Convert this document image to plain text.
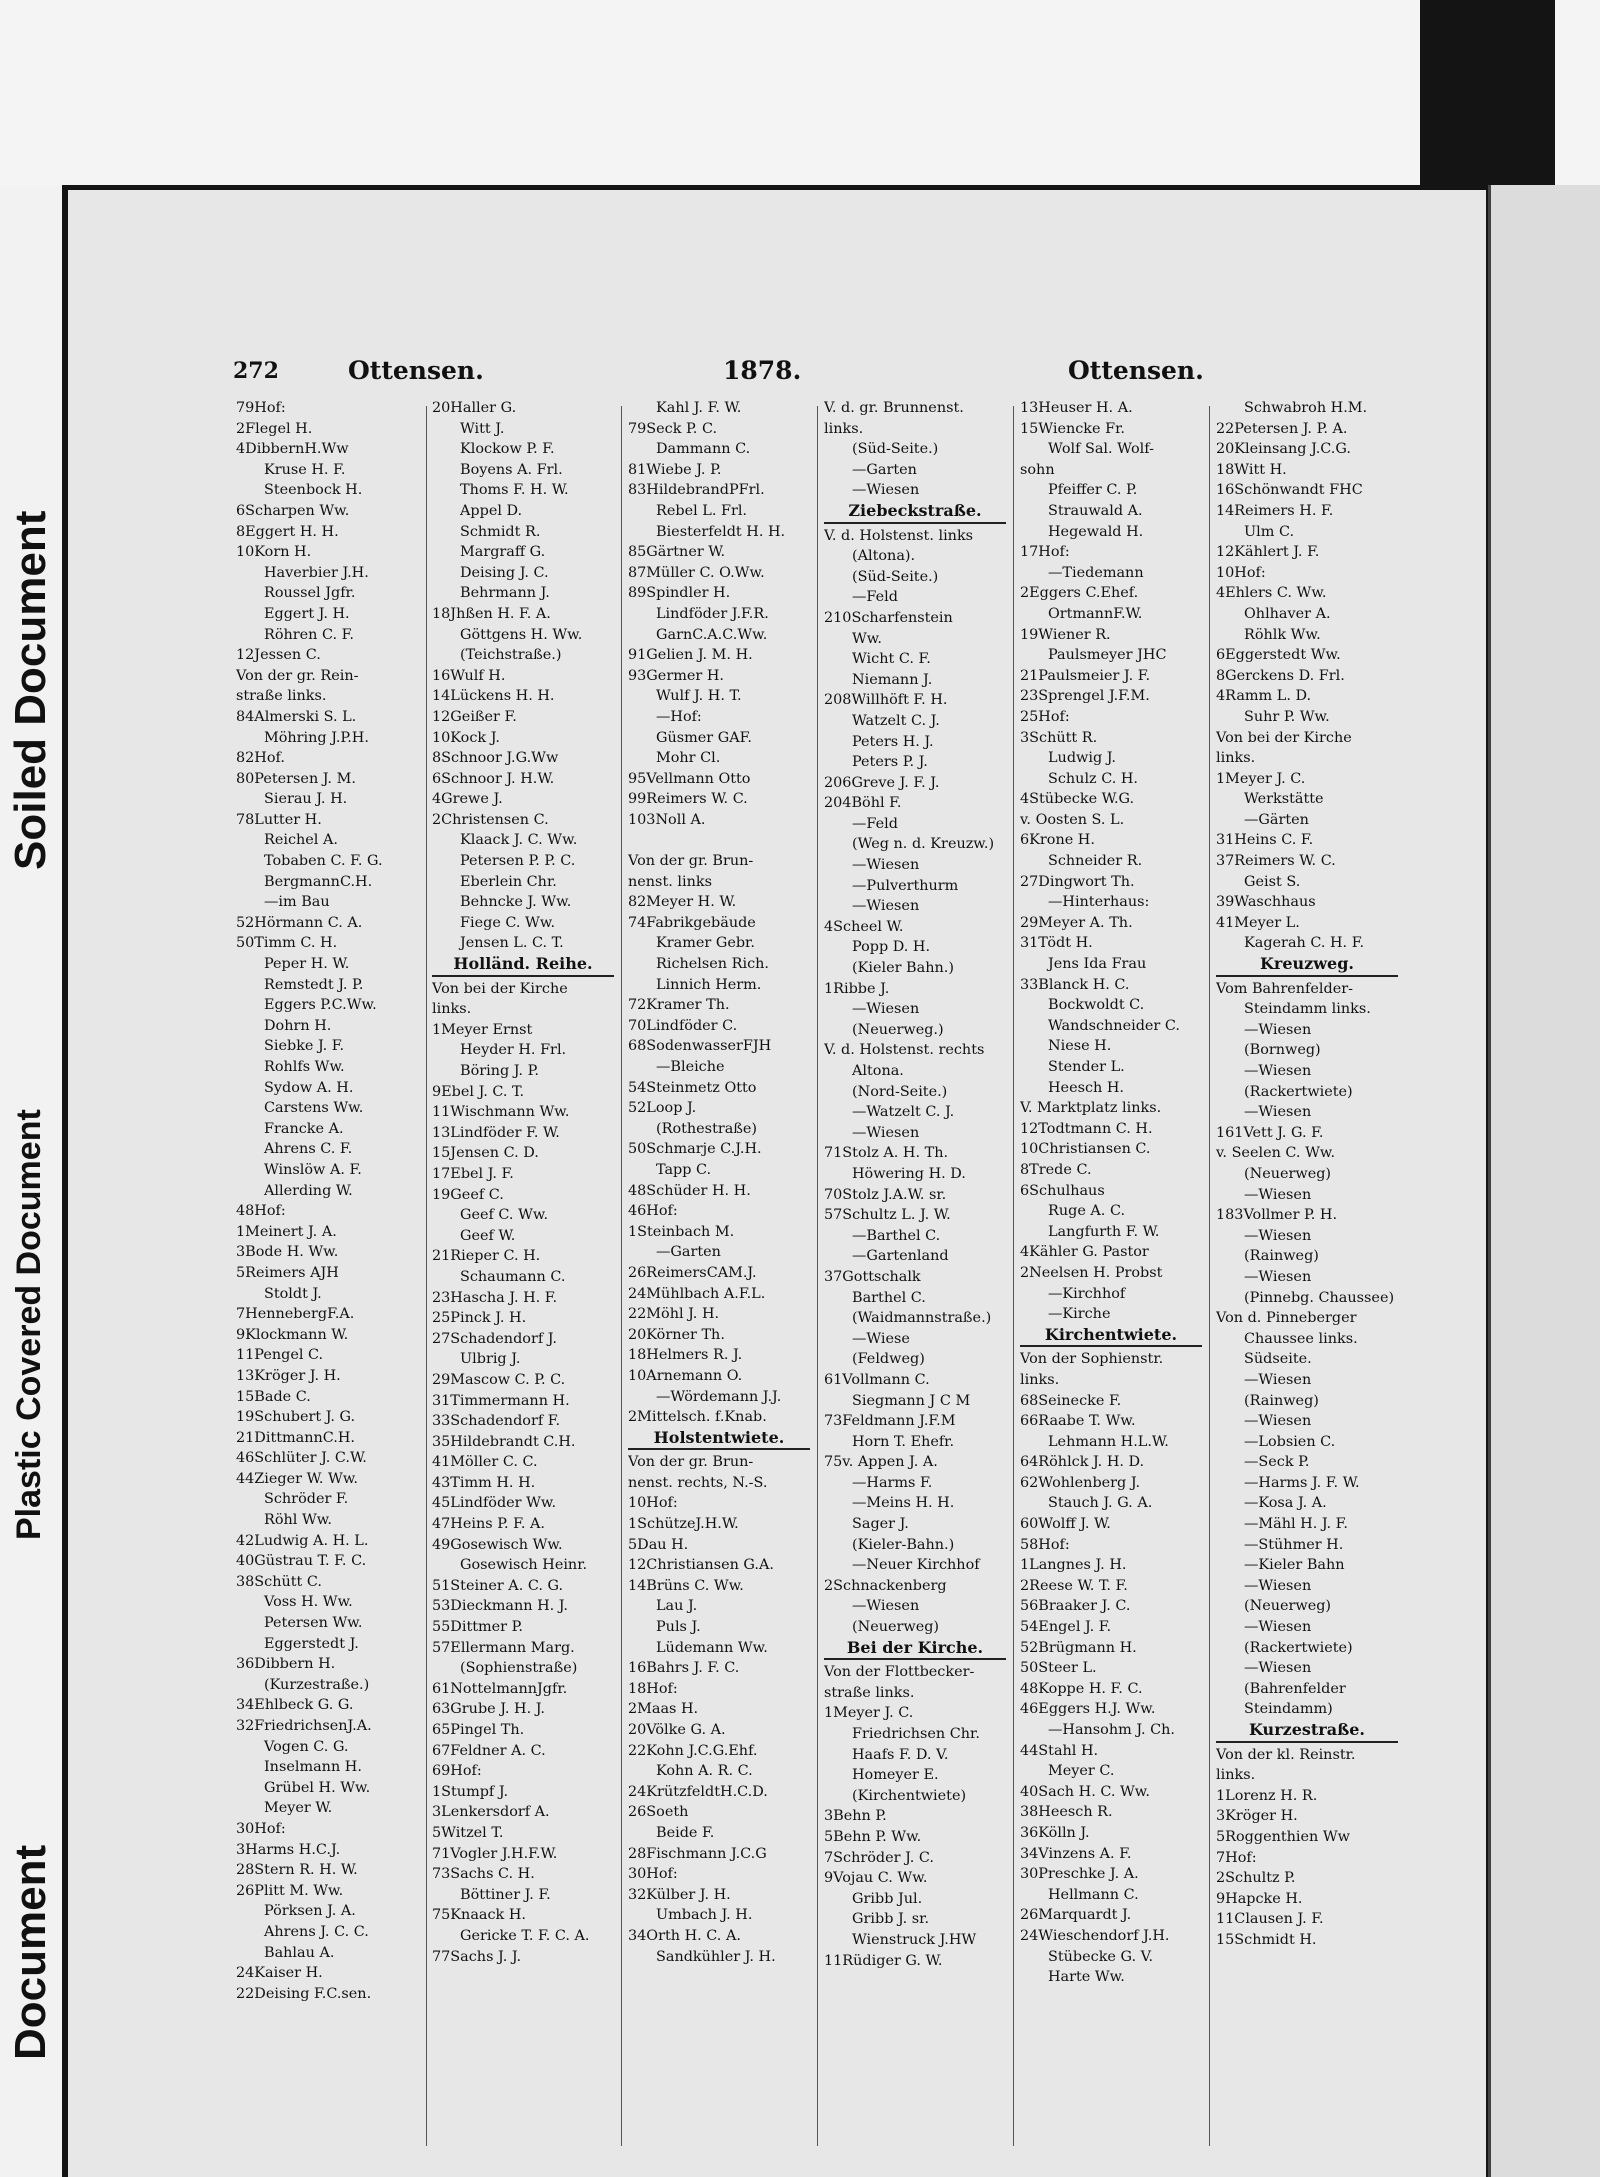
Soiled Document
Plastic Covered Document
Document
272	Ottensen.	1878.	Ottensen.
79Hof:
2Flegel H.
4DibbernH.Ww
Kruse H. F.
Steenbock H.
6Scharpen Ww.
8Eggert H. H.
10Korn H.
Haverbier J.H.
Roussel Jgfr.
Eggert J. H.
Röhren C. F.
12Jessen C.
Von der gr. Rein-
straße links.
84Almerski S. L.
Möhring J.P.H.
82Hof.
80Petersen J. M.
Sierau J. H.
78Lutter H.
Reichel A.
Tobaben C. F. G.
BergmannC.H.
—im Bau
52Hörmann C. A.
50Timm C. H.
Peper H. W.
Remstedt J. P.
Eggers P.C.Ww.
Dohrn H.
Siebke J. F.
Rohlfs Ww.
Sydow A. H.
Carstens Ww.
Francke A.
Ahrens C. F.
Winslöw A. F.
Allerding W.
48Hof:
1Meinert J. A.
3Bode H. Ww.
5Reimers AJH
Stoldt J.
7HennebergF.A.
9Klockmann W.
11Pengel C.
13Kröger J. H.
15Bade C.
19Schubert J. G.
21DittmannC.H.
46Schlüter J. C.W.
44Zieger W. Ww.
Schröder F.
Röhl Ww.
42Ludwig A. H. L.
40Güstrau T. F. C.
38Schütt C.
Voss H. Ww.
Petersen Ww.
Eggerstedt J.
36Dibbern H.
(Kurzestraße.)
34Ehlbeck G. G.
32FriedrichsenJ.A.
Vogen C. G.
Inselmann H.
Grübel H. Ww.
Meyer W.
30Hof:
3Harms H.C.J.
28Stern R. H. W.
26Plitt M. Ww.
Pörksen J. A.
Ahrens J. C. C.
Bahlau A.
24Kaiser H.
22Deising F.C.sen.
20Haller G.
Witt J.
Klockow P. F.
Boyens A. Frl.
Thoms F. H. W.
Appel D.
Schmidt R.
Margraff G.
Deising J. C.
Behrmann J.
18Jhßen H. F. A.
Göttgens H. Ww.
(Teichstraße.)
16Wulf H.
14Lückens H. H.
12Geißer F.
10Kock J.
8Schnoor J.G.Ww
6Schnoor J. H.W.
4Grewe J.
2Christensen C.
Klaack J. C. Ww.
Petersen P. P. C.
Eberlein Chr.
Behncke J. Ww.
Fiege C. Ww.
Jensen L. C. T.
Holländ. Reihe.
Von bei der Kirche
links.
1Meyer Ernst
Heyder H. Frl.
Böring J. P.
9Ebel J. C. T.
11Wischmann Ww.
13Lindföder F. W.
15Jensen C. D.
17Ebel J. F.
19Geef C.
Geef C. Ww.
Geef W.
21Rieper C. H.
Schaumann C.
23Hascha J. H. F.
25Pinck J. H.
27Schadendorf J.
Ulbrig J.
29Mascow C. P. C.
31Timmermann H.
33Schadendorf F.
35Hildebrandt C.H.
41Möller C. C.
43Timm H. H.
45Lindföder Ww.
47Heins P. F. A.
49Gosewisch Ww.
Gosewisch Heinr.
51Steiner A. C. G.
53Dieckmann H. J.
55Dittmer P.
57Ellermann Marg.
(Sophienstraße)
61NottelmannJgfr.
63Grube J. H. J.
65Pingel Th.
67Feldner A. C.
69Hof:
1Stumpf J.
3Lenkersdorf A.
5Witzel T.
71Vogler J.H.F.W.
73Sachs C. H.
Böttiner J. F.
75Knaack H.
Gericke T. F. C. A.
77Sachs J. J.
Kahl J. F. W.
79Seck P. C.
Dammann C.
81Wiebe J. P.
83HildebrandPFrl.
Rebel L. Frl.
Biesterfeldt H. H.
85Gärtner W.
87Müller C. O.Ww.
89Spindler H.
Lindföder J.F.R.
GarnC.A.C.Ww.
91Gelien J. M. H.
93Germer H.
Wulf J. H. T.
—Hof:
Güsmer GAF.
Mohr Cl.
95Vellmann Otto
99Reimers W. C.
103Noll A.
Von der gr. Brun-
nenst. links
82Meyer H. W.
74Fabrikgebäude
Kramer Gebr.
Richelsen Rich.
Linnich Herm.
72Kramer Th.
70Lindföder C.
68SodenwasserFJH
—Bleiche
54Steinmetz Otto
52Loop J.
(Rothestraße)
50Schmarje C.J.H.
Tapp C.
48Schüder H. H.
46Hof:
1Steinbach M.
—Garten
26ReimersCAM.J.
24Mühlbach A.F.L.
22Möhl J. H.
20Körner Th.
18Helmers R. J.
10Arnemann O.
—Wördemann J.J.
2Mittelsch. f.Knab.
Holstentwiete.
Von der gr. Brun-
nenst. rechts, N.-S.
10Hof:
1SchützeJ.H.W.
5Dau H.
12Christiansen G.A.
14Brüns C. Ww.
Lau J.
Puls J.
Lüdemann Ww.
16Bahrs J. F. C.
18Hof:
2Maas H.
20Völke G. A.
22Kohn J.C.G.Ehf.
Kohn A. R. C.
24KrützfeldtH.C.D.
26Soeth
Beide F.
28Fischmann J.C.G
30Hof:
32Külber J. H.
Umbach J. H.
34Orth H. C. A.
Sandkühler J. H.
V. d. gr. Brunnenst.
links.
(Süd-Seite.)
—Garten
—Wiesen
Ziebeckstraße.
V. d. Holstenst. links
(Altona).
(Süd-Seite.)
—Feld
210Scharfenstein
Ww.
Wicht C. F.
Niemann J.
208Willhöft F. H.
Watzelt C. J.
Peters H. J.
Peters P. J.
206Greve J. F. J.
204Böhl F.
—Feld
(Weg n. d. Kreuzw.)
—Wiesen
—Pulverthurm
—Wiesen
4Scheel W.
Popp D. H.
(Kieler Bahn.)
1Ribbe J.
—Wiesen
(Neuerweg.)
V. d. Holstenst. rechts
Altona.
(Nord-Seite.)
—Watzelt C. J.
—Wiesen
71Stolz A. H. Th.
Höwering H. D.
70Stolz J.A.W. sr.
57Schultz L. J. W.
—Barthel C.
—Gartenland
37Gottschalk
Barthel C.
(Waidmannstraße.)
—Wiese
(Feldweg)
61Vollmann C.
Siegmann J C M
73Feldmann J.F.M
Horn T. Ehefr.
75v. Appen J. A.
—Harms F.
—Meins H. H.
Sager J.
(Kieler-Bahn.)
—Neuer Kirchhof
2Schnackenberg
—Wiesen
(Neuerweg)
Bei der Kirche.
Von der Flottbecker-
straße links.
1Meyer J. C.
Friedrichsen Chr.
Haafs F. D. V.
Homeyer E.
(Kirchentwiete)
3Behn P.
5Behn P. Ww.
7Schröder J. C.
9Vojau C. Ww.
Gribb Jul.
Gribb J. sr.
Wienstruck J.HW
11Rüdiger G. W.
13Heuser H. A.
15Wiencke Fr.
Wolf Sal. Wolf-
sohn
Pfeiffer C. P.
Strauwald A.
Hegewald H.
17Hof:
—Tiedemann
2Eggers C.Ehef.
OrtmannF.W.
19Wiener R.
Paulsmeyer JHC
21Paulsmeier J. F.
23Sprengel J.F.M.
25Hof:
3Schütt R.
Ludwig J.
Schulz C. H.
4Stübecke W.G.
v. Oosten S. L.
6Krone H.
Schneider R.
27Dingwort Th.
—Hinterhaus:
29Meyer A. Th.
31Tödt H.
Jens Ida Frau
33Blanck H. C.
Bockwoldt C.
Wandschneider C.
Niese H.
Stender L.
Heesch H.
V. Marktplatz links.
12Todtmann C. H.
10Christiansen C.
8Trede C.
6Schulhaus
Ruge A. C.
Langfurth F. W.
4Kähler G. Pastor
2Neelsen H. Probst
—Kirchhof
—Kirche
Kirchentwiete.
Von der Sophienstr.
links.
68Seinecke F.
66Raabe T. Ww.
Lehmann H.L.W.
64Röhlck J. H. D.
62Wohlenberg J.
Stauch J. G. A.
60Wolff J. W.
58Hof:
1Langnes J. H.
2Reese W. T. F.
56Braaker J. C.
54Engel J. F.
52Brügmann H.
50Steer L.
48Koppe H. F. C.
46Eggers H.J. Ww.
—Hansohm J. Ch.
44Stahl H.
Meyer C.
40Sach H. C. Ww.
38Heesch R.
36Kölln J.
34Vinzens A. F.
30Preschke J. A.
Hellmann C.
26Marquardt J.
24Wieschendorf J.H.
Stübecke G. V.
Harte Ww.
Schwabroh H.M.
22Petersen J. P. A.
20Kleinsang J.C.G.
18Witt H.
16Schönwandt FHC
14Reimers H. F.
Ulm C.
12Kählert J. F.
10Hof:
4Ehlers C. Ww.
Ohlhaver A.
Röhlk Ww.
6Eggerstedt Ww.
8Gerckens D. Frl.
4Ramm L. D.
Suhr P. Ww.
Von bei der Kirche
links.
1Meyer J. C.
Werkstätte
—Gärten
31Heins C. F.
37Reimers W. C.
Geist S.
39Waschhaus
41Meyer L.
Kagerah C. H. F.
Kreuzweg.
Vom Bahrenfelder-
Steindamm links.
—Wiesen
(Bornweg)
—Wiesen
(Rackertwiete)
—Wiesen
161Vett J. G. F.
v. Seelen C. Ww.
(Neuerweg)
—Wiesen
183Vollmer P. H.
—Wiesen
(Rainweg)
—Wiesen
(Pinnebg. Chaussee)
Von d. Pinneberger
Chaussee links.
Südseite.
—Wiesen
(Rainweg)
—Wiesen
—Lobsien C.
—Seck P.
—Harms J. F. W.
—Kosa J. A.
—Mähl H. J. F.
—Stühmer H.
—Kieler Bahn
—Wiesen
(Neuerweg)
—Wiesen
(Rackertwiete)
—Wiesen
(Bahrenfelder
Steindamm)
Kurzestraße.
Von der kl. Reinstr.
links.
1Lorenz H. R.
3Kröger H.
5Roggenthien Ww
7Hof:
2Schultz P.
9Hapcke H.
11Clausen J. F.
15Schmidt H.
